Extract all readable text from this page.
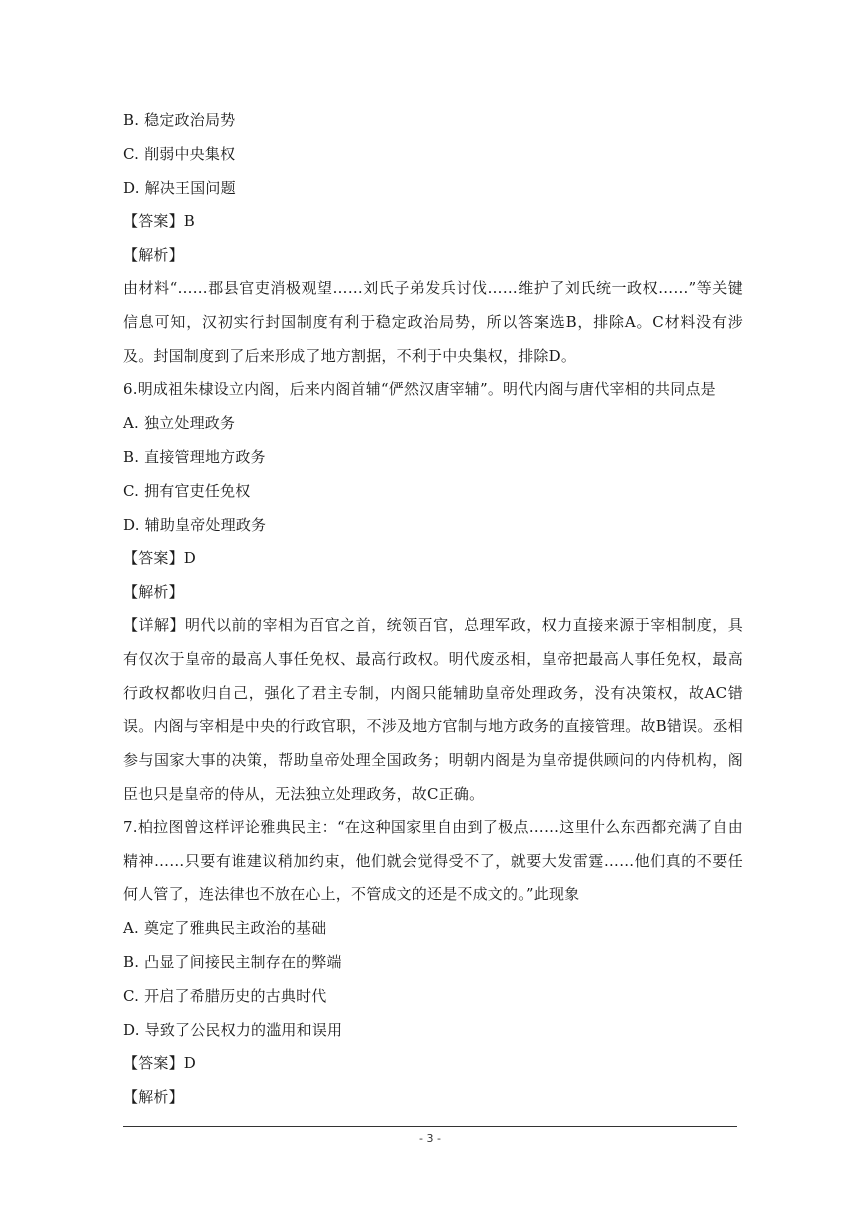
B. 稳定政治局势
C. 削弱中央集权
D. 解决王国问题
【答案】B
【解析】
由材料“……郡县官吏消极观望……刘氏子弟发兵讨伐……维护了刘氏统一政权……”等关键信息可知，汉初实行封国制度有利于稳定政治局势，所以答案选B，排除A。C材料没有涉及。封国制度到了后来形成了地方割据，不利于中央集权，排除D。
6.明成祖朱棣设立内阁，后来内阁首辅“俨然汉唐宰辅”。明代内阁与唐代宰相的共同点是
A. 独立处理政务
B. 直接管理地方政务
C. 拥有官吏任免权
D. 辅助皇帝处理政务
【答案】D
【解析】
【详解】明代以前的宰相为百官之首，统领百官，总理军政，权力直接来源于宰相制度，具有仅次于皇帝的最高人事任免权、最高行政权。明代废丞相，皇帝把最高人事任免权，最高行政权都收归自己，强化了君主专制，内阁只能辅助皇帝处理政务，没有决策权，故AC错误。内阁与宰相是中央的行政官职，不涉及地方官制与地方政务的直接管理。故B错误。丞相参与国家大事的决策，帮助皇帝处理全国政务；明朝内阁是为皇帝提供顾问的内侍机构，阁臣也只是皇帝的侍从，无法独立处理政务，故C正确。
7.柏拉图曾这样评论雅典民主：“在这种国家里自由到了极点……这里什么东西都充满了自由精神……只要有谁建议稍加约束，他们就会觉得受不了，就要大发雷霆……他们真的不要任何人管了，连法律也不放在心上，不管成文的还是不成文的。”此现象
A. 奠定了雅典民主政治的基础
B. 凸显了间接民主制存在的弊端
C. 开启了希腊历史的古典时代
D. 导致了公民权力的滥用和误用
【答案】D
【解析】
- 3 -
